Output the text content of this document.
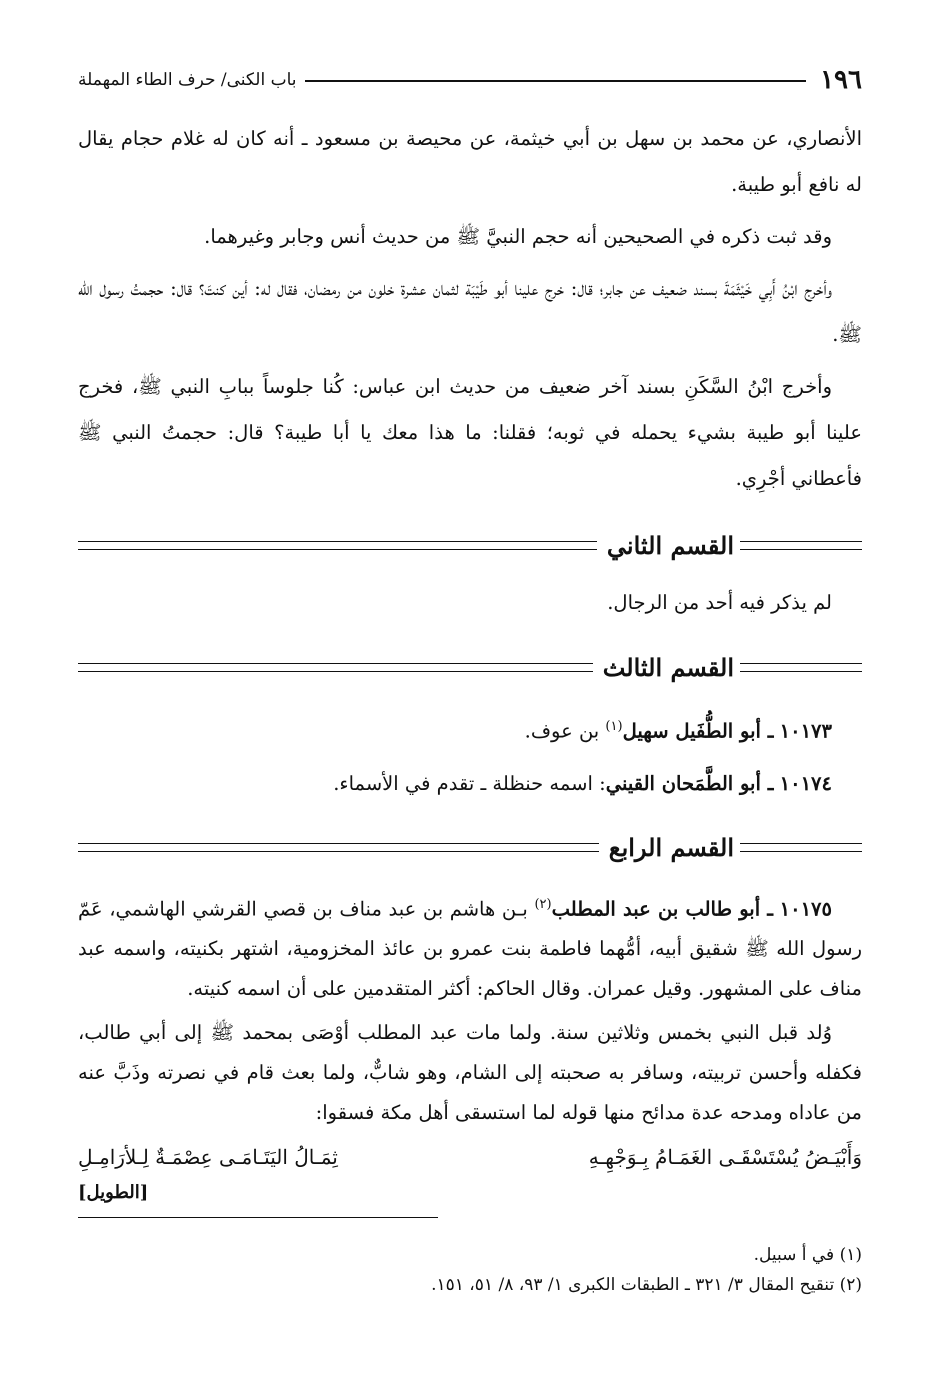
١٩٦
باب الكنى/ حرف الطاء المهملة

الأنصاري، عن محمد بن سهل بن أبي خيثمة، عن محيصة بن مسعود ـ أنه كان له غلام حجام يقال له نافع أبو طيبة.

وقد ثبت ذكره في الصحيحين أنه حجم النبيَّ ﷺ من حديث أنس وجابر وغيرهما.

وأخرج ابْنُ أَبِي خَيْثَمَةَ بسند ضعيف عن جابر؛ قال: خرج علينا أبو طَيْبَة لثمان عشرة خلون من رمضان، فقال له: أين كنتَ؟ قال: حجمتُ رسول الله ﷺ.

وأخرج ابْنُ السَّكَنِ بسند آخر ضعيف من حديث ابن عباس: كُنا جلوساً ببابِ النبي ﷺ، فخرج علينا أبو طيبة بشيء يحمله في ثوبه؛ فقلنا: ما هذا معك يا أبا طيبة؟ قال: حجمتُ النبي ﷺ فأعطاني أجْرِي.

القسم الثاني

لم يذكر فيه أحد من الرجال.

القسم الثالث

١٠١٧٣ ـ أبو الطُّفَيل سهيل$^{(١)}$ بن عوف.

١٠١٧٤ ـ أبو الطَّمَحان القيني: اسمه حنظلة ـ تقدم في الأسماء.

القسم الرابع

١٠١٧٥ ـ أبو طالب بن عبد المطلب$^{(٢)}$ بـن هاشم بن عبد مناف بن قصي القرشي الهاشمي، عَمّ رسول الله ﷺ شقيق أبيه، أمُّهما فاطمة بنت عمرو بن عائذ المخزومية، اشتهر بكنيته، واسمه عبد مناف على المشهور. وقيل عمران. وقال الحاكم: أكثر المتقدمين على أن اسمه كنيته.

وُلد قبل النبي بخمس وثلاثين سنة. ولما مات عبد المطلب أوْصَى بمحمد ﷺ إلى أبي طالب، فكفله وأحسن تربيته، وسافر به صحبته إلى الشام، وهو شابٌّ، ولما بعث قام في نصرته وذَبَّ عنه من عاداه ومدحه عدة مدائح منها قوله لما استسقى أهل مكة فسقوا:

وَأَبْيَـضُ يُسْتَسْقَـى الغَمَـامُ بِـوَجْهِـهِ
ثِمَـالُ اليَتَـامَـى عِصْمَـةٌ لِـلأرَامِـلِ
[الطويل]
(١) في أ سبيل.
(٢) تنقيح المقال ٣/ ٣٢١ ـ الطبقات الكبرى ١/ ٩٣، ٨/ ٥١، ١٥١.
